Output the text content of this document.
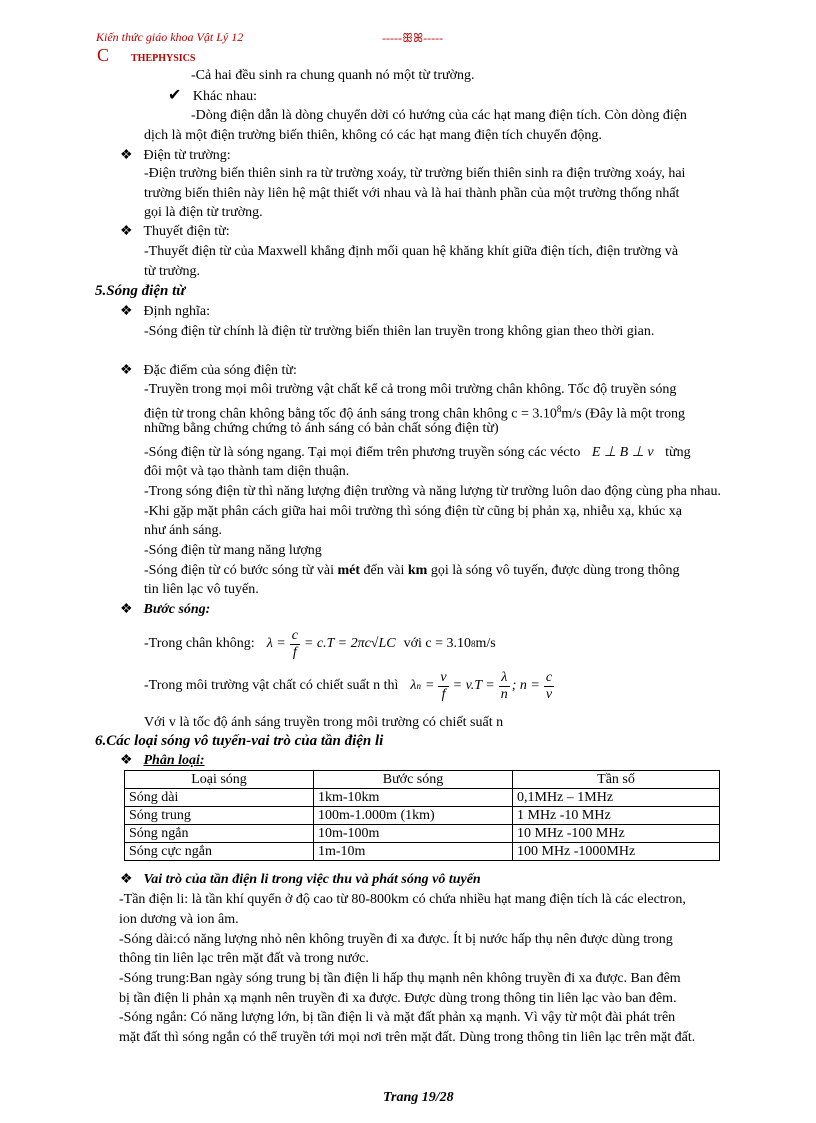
Kiến thức giáo khoa Vật Lý 12	-----ꕥꕤ-----
C THEPHYSICS
-Cả hai đều sinh ra chung quanh nó một từ trường.
✔ Khác nhau:
-Dòng điện dẫn là dòng chuyển dời có hướng của các hạt mang điện tích. Còn dòng điện
dịch là một điện trường biến thiên, không có các hạt mang điện tích chuyển động.
❖ Điện từ trường:
-Điện trường biến thiên sinh ra từ trường xoáy, từ trường biến thiên sinh ra điện trường xoáy, hai
trường biến thiên này liên hệ mật thiết với nhau và là hai thành phần của một trường thống nhất
gọi là điện từ trường.
❖ Thuyết điện từ:
-Thuyết điện từ của Maxwell khẳng định mối quan hệ khăng khít giữa điện tích, điện trường và
từ trường.
5.Sóng điện từ
❖ Định nghĩa:
-Sóng điện từ chính là điện từ trường biến thiên lan truyền trong không gian theo thời gian.
❖ Đặc điểm của sóng điện từ:
-Truyền trong mọi môi trường vật chất kể cả trong môi trường chân không. Tốc độ truyền sóng
điện từ trong chân không bằng tốc độ ánh sáng trong chân không $c = 3.10^8m/s$ (Đây là một trong
những bằng chứng chứng tỏ ánh sáng có bản chất sóng điện từ)
-Sóng điện từ là sóng ngang. Tại mọi điểm trên phương truyền sóng các vécto E ⊥ B ⊥ v từng
đôi một và tạo thành tam diện thuận.
-Trong sóng điện từ thì năng lượng điện trường và năng lượng từ trường luôn dao động cùng pha nhau.
-Khi gặp mặt phân cách giữa hai môi trường thì sóng điện từ cũng bị phản xạ, nhiễu xạ, khúc xạ
như ánh sáng.
-Sóng điện từ mang năng lượng
-Sóng điện từ có bước sóng từ vài mét đến vài km gọi là sóng vô tuyến, được dùng trong thông
tin liên lạc vô tuyến.
❖ Bước sóng:
-Trong chân không: $\lambda = \frac{c}{f} = c.T = 2\pi c√LC$ với c = 3.10 8 m/s
-Trong môi trường vật chất có chiết suất n thì λ $n = \frac{v}{f} = v.T = \frac{\lambda}{n}$ ; $n = \frac{c}{v}$
Với v là tốc độ ánh sáng truyền trong môi trường có chiết suất n
6.Các loại sóng vô tuyến-vai trò của tần điện li
❖ Phân loại:
Loại sóng	Bước sóng	Tần số
Sóng dài	1km-10km	0,1MHz – 1MHz
Sóng trung	100m-1.000m (1km)	1 MHz -10 MHz
Sóng ngắn	10m-100m	10 MHz -100 MHz
Sóng cực ngắn	1m-10m	100 MHz -1000MHz
❖ Vai trò của tần điện li trong việc thu và phát sóng vô tuyến
-Tần điện li: là tần khí quyển ở độ cao từ 80-800km có chứa nhiều hạt mang điện tích là các electron,
ion dương và ion âm.
-Sóng dài:có năng lượng nhỏ nên không truyền đi xa được. Ít bị nước hấp thụ nên được dùng trong
thông tin liên lạc trên mặt đất và trong nước.
-Sóng trung:Ban ngày sóng trung bị tần điện li hấp thụ mạnh nên không truyền đi xa được. Ban đêm
bị tần điện li phản xạ mạnh nên truyền đi xa được. Được dùng trong thông tin liên lạc vào ban đêm.
-Sóng ngắn: Có năng lượng lớn, bị tần điện li và mặt đất phản xạ mạnh. Vì vậy từ một đài phát trên
mặt đất thì sóng ngắn có thể truyền tới mọi nơi trên mặt đất. Dùng trong thông tin liên lạc trên mặt đất.
Trang 19/28
